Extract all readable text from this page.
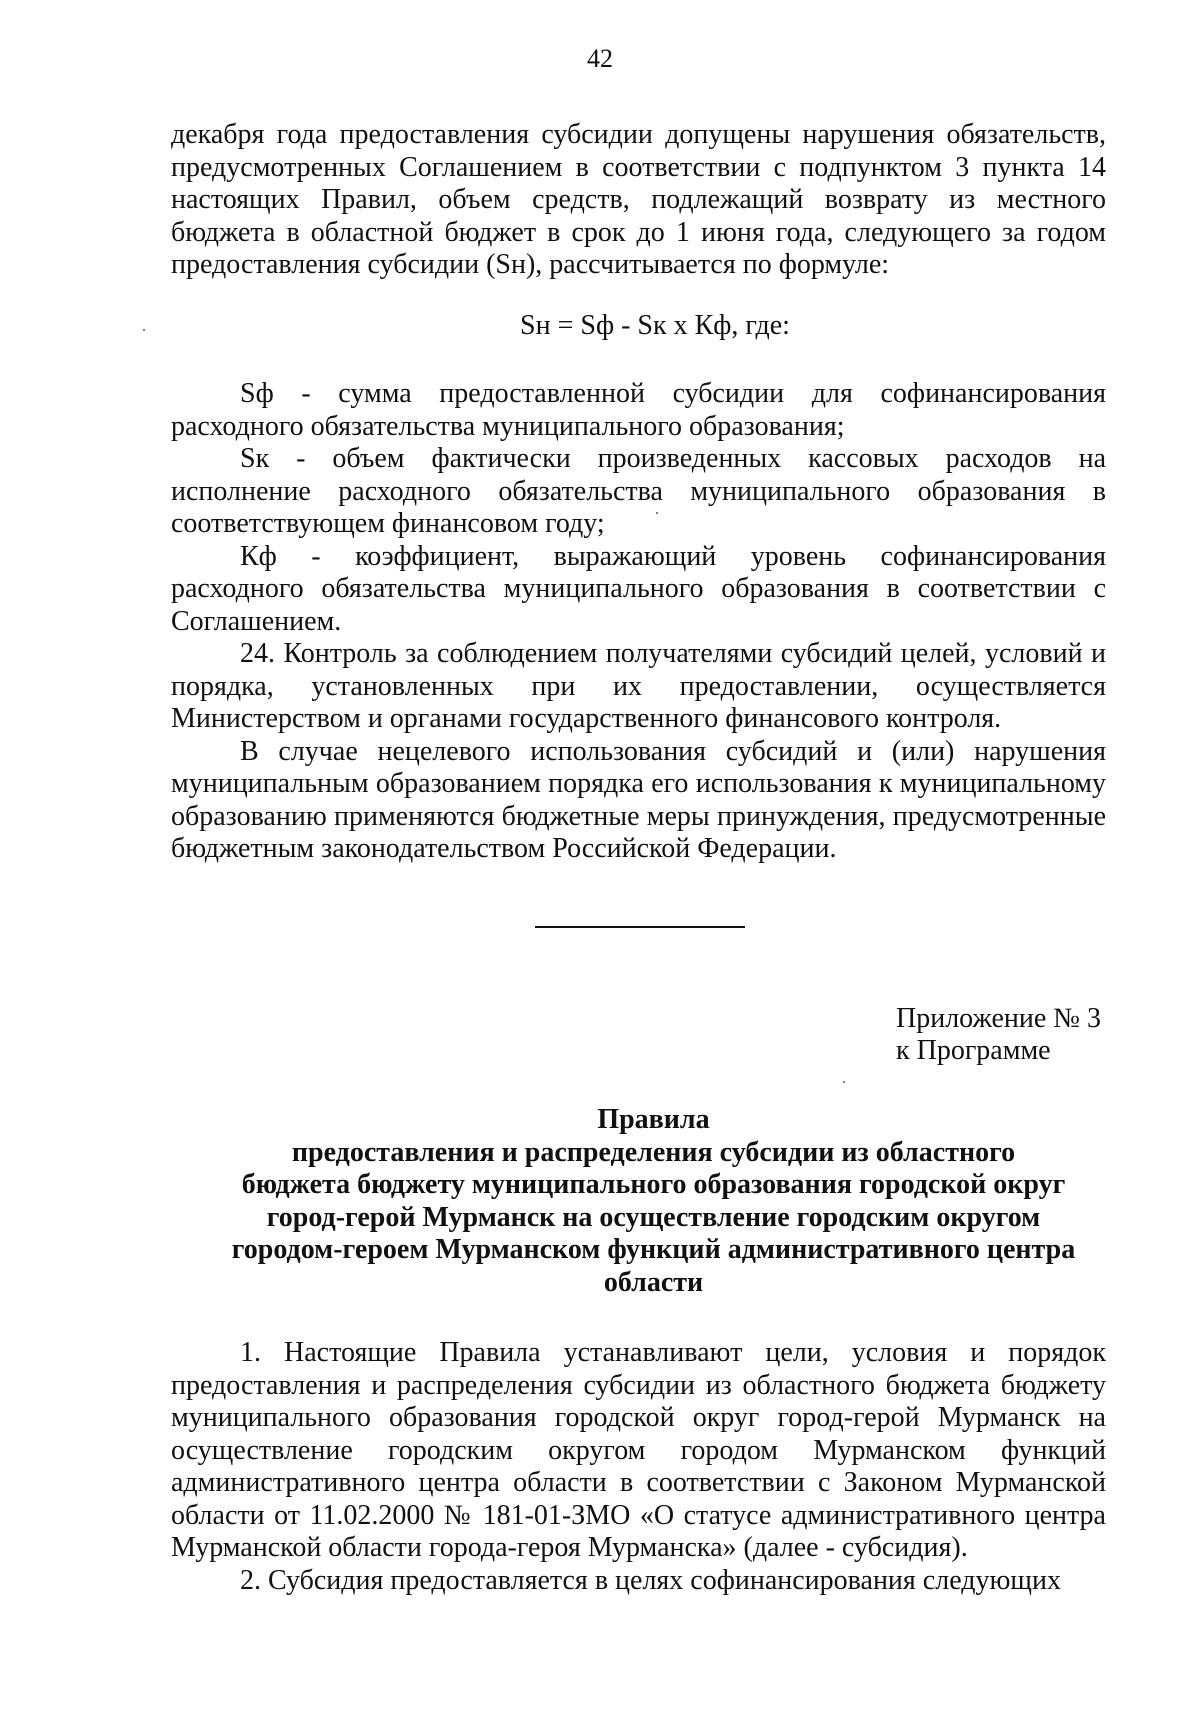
42

декабря года предоставления субсидии допущены нарушения обязательств, предусмотренных Соглашением в соответствии с подпунктом 3 пункта 14 настоящих Правил, объем средств, подлежащий возврату из местного бюджета в областной бюджет в срок до 1 июня года, следующего за годом предоставления субсидии (Sн), рассчитывается по формуле:

Sн = Sф - Sк x Кф, где:

Sф - сумма предоставленной субсидии для софинансирования расходного обязательства муниципального образования;

Sк - объем фактически произведенных кассовых расходов на исполнение расходного обязательства муниципального образования в соответствующем финансовом году;

Кф - коэффициент, выражающий уровень софинансирования расходного обязательства муниципального образования в соответствии с Соглашением.

24. Контроль за соблюдением получателями субсидий целей, условий и порядка, установленных при их предоставлении, осуществляется Министерством и органами государственного финансового контроля.

В случае нецелевого использования субсидий и (или) нарушения муниципальным образованием порядка его использования к муниципальному образованию применяются бюджетные меры принуждения, предусмотренные бюджетным законодательством Российской Федерации.

Приложение № 3
к Программе
Правила
предоставления и распределения субсидии из областного
бюджета бюджету муниципального образования городской округ
город-герой Мурманск на осуществление городским округом
городом-героем Мурманском функций административного центра
области

1. Настоящие Правила устанавливают цели, условия и порядок предоставления и распределения субсидии из областного бюджета бюджету муниципального образования городской округ город-герой Мурманск на осуществление городским округом городом Мурманском функций административного центра области в соответствии с Законом Мурманской области от 11.02.2000 № 181-01-ЗМО «О статусе административного центра Мурманской области города-героя Мурманска» (далее - субсидия).

2. Субсидия предоставляется в целях софинансирования следующих
